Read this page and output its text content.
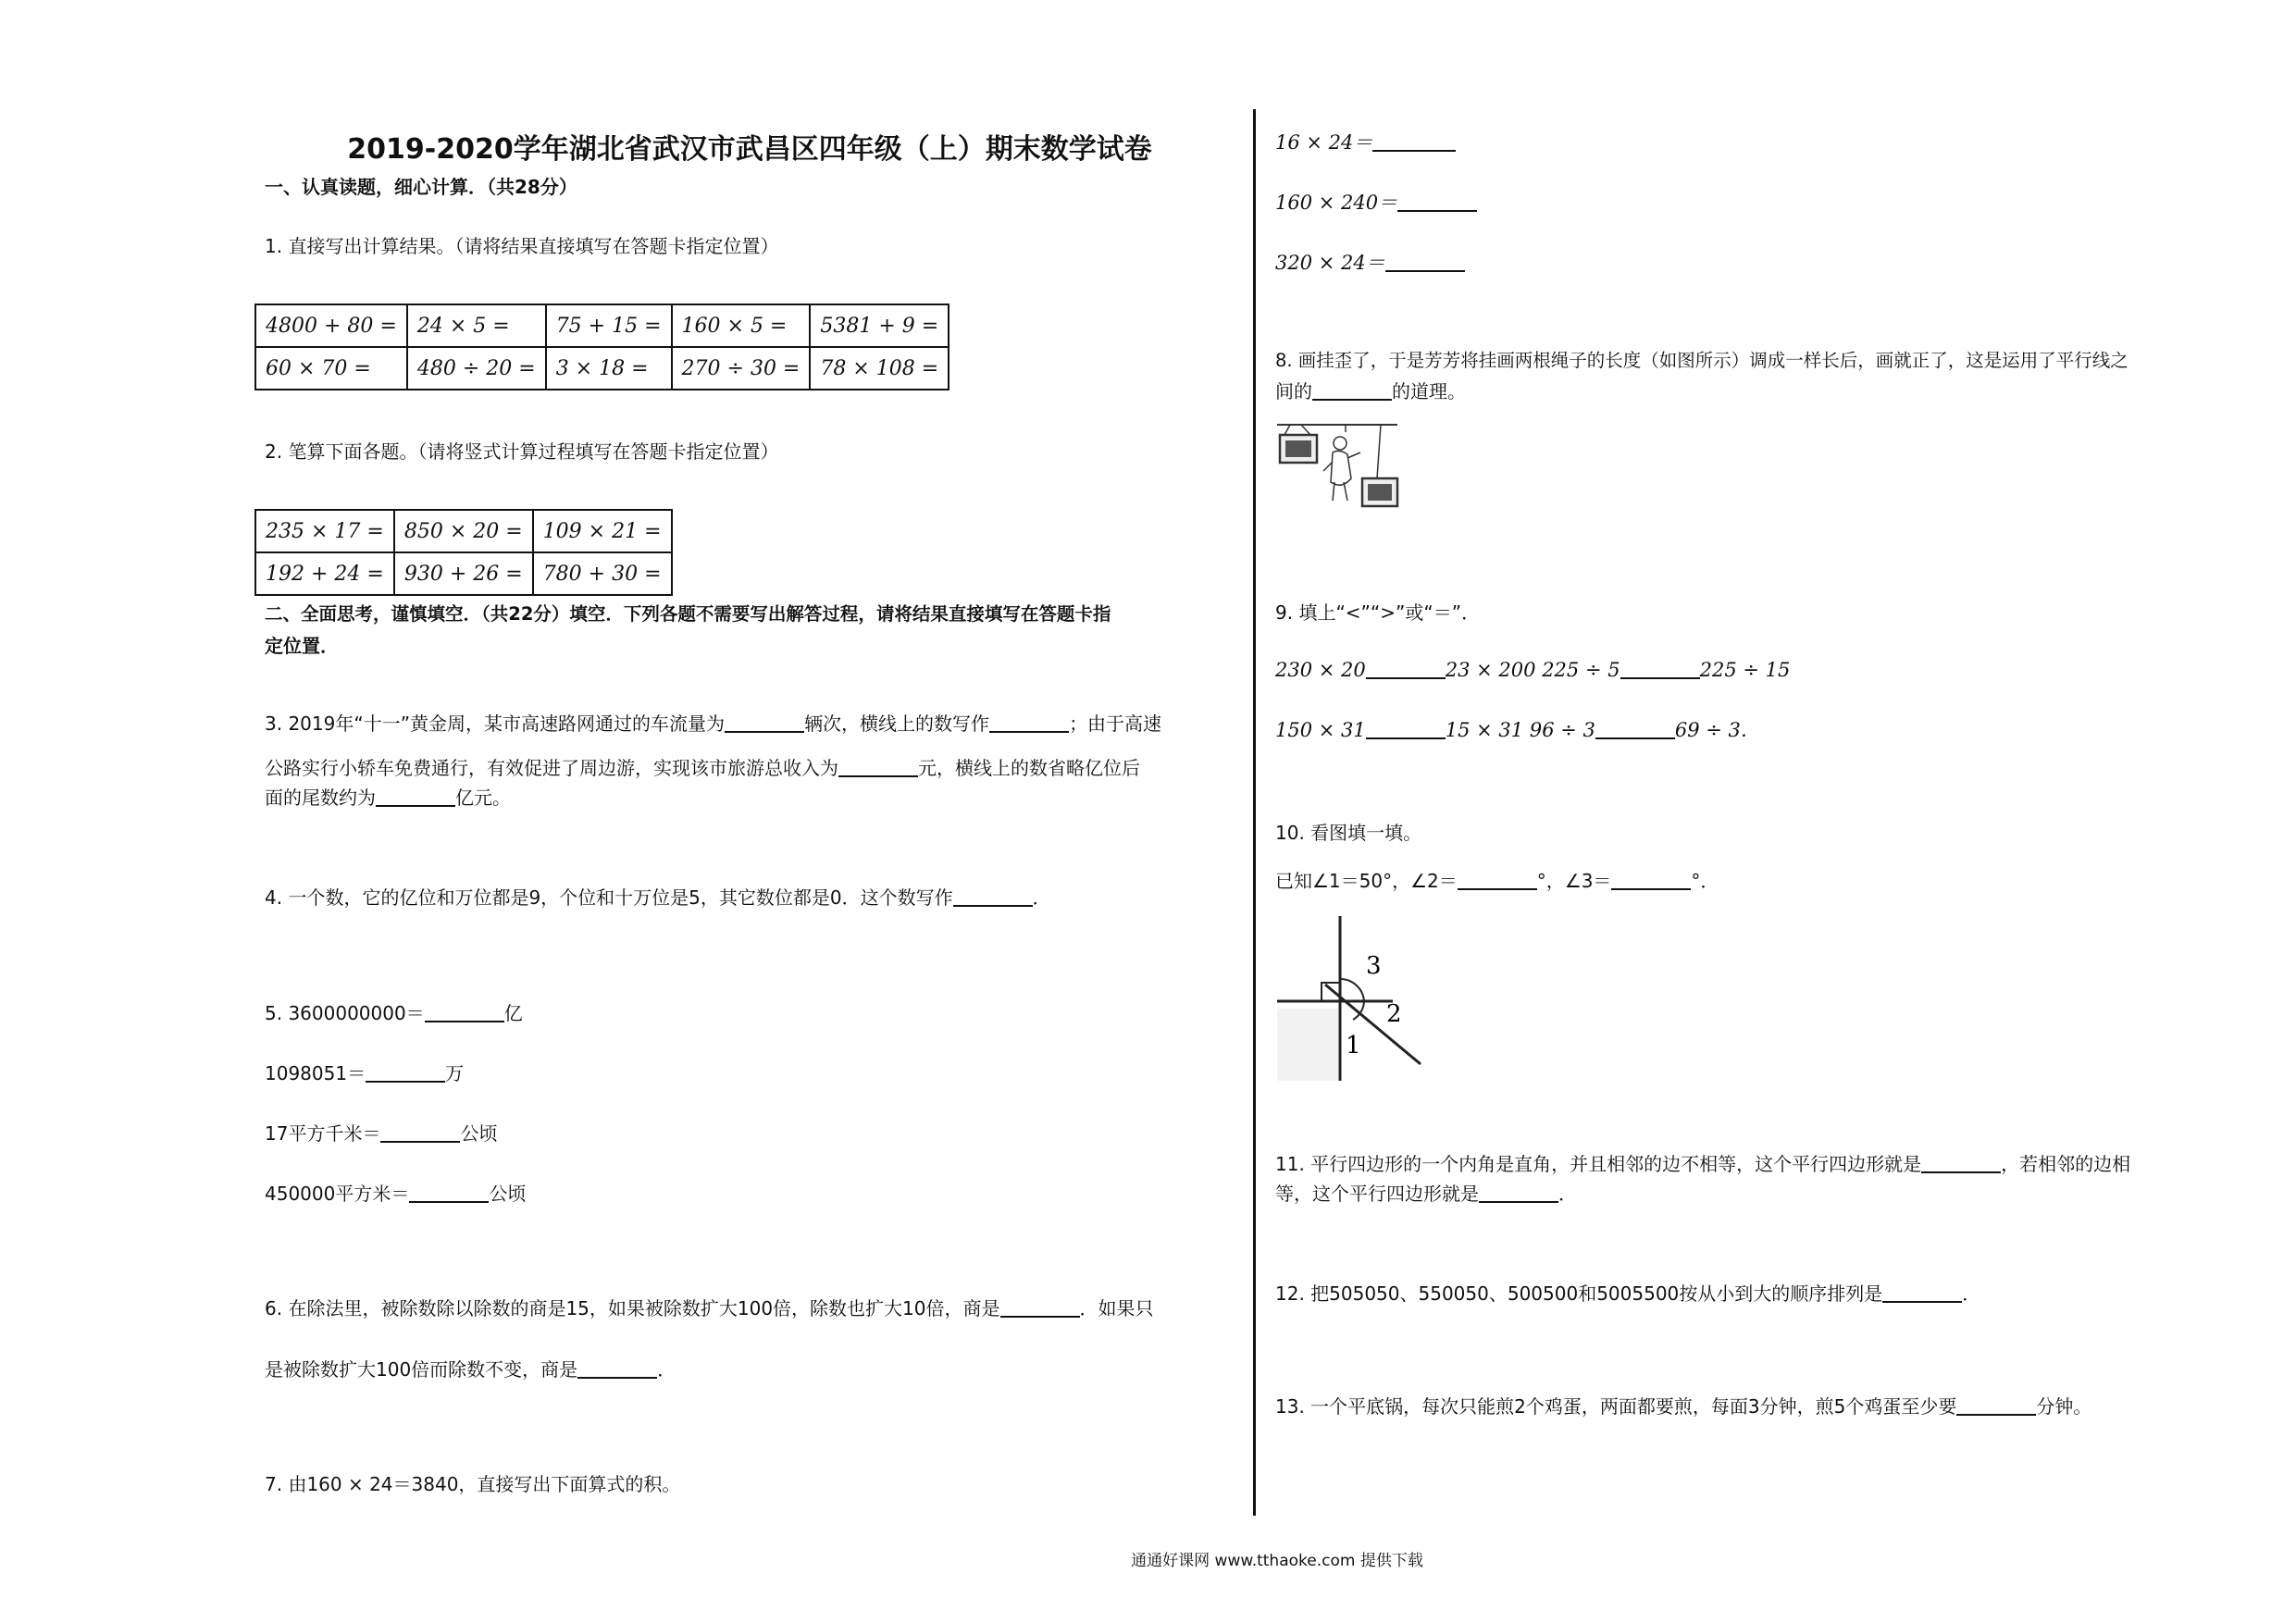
2019-2020学年湖北省武汉市武昌区四年级（上）期末数学试卷
一、认真读题，细心计算．（共28分）
1. 直接写出计算结果。（请将结果直接填写在答题卡指定位置）
4800 + 80 =	24 × 5 =	75 + 15 =	160 × 5 =	5381 + 9 =
60 × 70 =	480 ÷ 20 =	3 × 18 =	270 ÷ 30 =	78 × 108 =
2. 笔算下面各题。（请将竖式计算过程填写在答题卡指定位置）
235 × 17 =	850 × 20 =	109 × 21 =
192 + 24 =	930 + 26 =	780 + 30 =
二、全面思考，谨慎填空．（共22分）填空．下列各题不需要写出解答过程，请将结果直接填写在答题卡指
定位置．
3. 2019年“十一”黄金周，某市高速路网通过的车流量为	辆次，横线上的数写作	；由于高速
公路实行小轿车免费通行，有效促进了周边游，实现该市旅游总收入为	元，横线上的数省略亿位后
面的尾数约为	亿元。
4. 一个数，它的亿位和万位都是9，个位和十万位是5，其它数位都是0．这个数写作	．
5. 3600000000＝	亿
1098051＝	万
17平方千米＝	公顷
450000平方米＝	公顷
6. 在除法里，被除数除以除数的商是15，如果被除数扩大100倍，除数也扩大10倍，商是	．如果只
是被除数扩大100倍而除数不变，商是	．
7. 由160 × 24＝3840，直接写出下面算式的积。
16 × 24＝
160 × 240＝
320 × 24＝
8. 画挂歪了，于是芳芳将挂画两根绳子的长度（如图所示）调成一样长后，画就正了，这是运用了平行线之
间的	的道理。
9. 填上“<”“>”或“＝”．
230 × 20	23 × 200 225 ÷ 5	225 ÷ 15
150 × 31	15 × 31 96 ÷ 3	69 ÷ 3．
10. 看图填一填。
已知∠1＝50°，∠2＝	°，∠3＝	°．
3
2
1
11. 平行四边形的一个内角是直角，并且相邻的边不相等，这个平行四边形就是	，若相邻的边相
等，这个平行四边形就是	．
12. 把505050、550050、500500和5005500按从小到大的顺序排列是	．
13. 一个平底锅，每次只能煎2个鸡蛋，两面都要煎，每面3分钟，煎5个鸡蛋至少要	分钟。
通通好课网 www.tthaoke.com 提供下载
